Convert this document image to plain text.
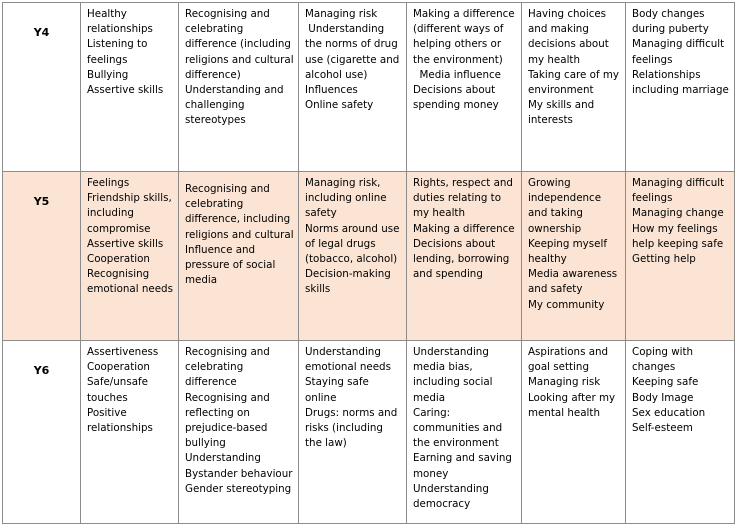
Y4	Healthy relationships
Listening to feelings
Bullying
Assertive skills	Recognising and celebrating difference (including religions and cultural difference)
Understanding and challenging stereotypes	Managing risk
Understanding the norms of drug use (cigarette and alcohol use)
Influences
Online safety	Making a difference (different ways of helping others or the environment)
Media influence
Decisions about spending money	Having choices and making decisions about my health
Taking care of my environment
My skills and interests	Body changes during puberty
Managing difficult feelings
Relationships including marriage

Y5	Feelings
Friendship skills, including compromise
Assertive skills
Cooperation
Recognising emotional needs	Recognising and celebrating difference, including religions and cultural
Influence and pressure of social media	Managing risk, including online safety
Norms around use of legal drugs (tobacco, alcohol)
Decision-making skills	Rights, respect and duties relating to my health
Making a difference
Decisions about lending, borrowing and spending	Growing independence and taking ownership
Keeping myself healthy
Media awareness and safety
My community	Managing difficult feelings
Managing change
How my feelings help keeping safe
Getting help

Y6	Assertiveness
Cooperation
Safe/unsafe touches
Positive relationships	Recognising and celebrating difference
Recognising and reflecting on prejudice-based bullying
Understanding Bystander behaviour
Gender stereotyping	Understanding emotional needs
Staying safe online
Drugs: norms and risks (including the law)	Understanding media bias, including social media
Caring: communities and the environment
Earning and saving money
Understanding democracy	Aspirations and goal setting
Managing risk
Looking after my mental health	Coping with changes
Keeping safe
Body Image
Sex education
Self-esteem
